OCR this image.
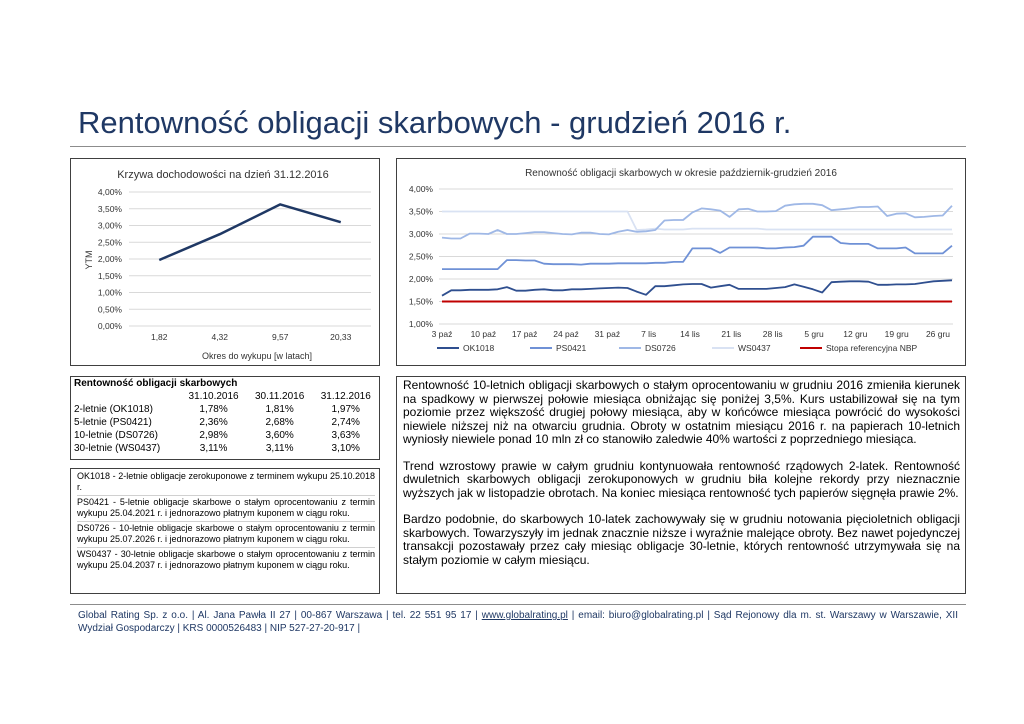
Rentowność obligacji skarbowych - grudzień 2016 r.
Krzywa dochodowości na dzień 31.12.2016
4,00%
3,50%
3,00%
2,50%
2,00%
1,50%
1,00%
0,50%
0,00%
1,82	4,32	9,57	20,33
YTM
Okres do wykupu [w latach]
Renowność obligacji skarbowych w okresie październik-grudzień 2016
4,00%
3,50%
3,00%
2,50%
2,00%
1,50%
1,00%
3 paź 10 paź 17 paź 24 paź 31 paź 7 lis	14 lis	21 lis	28 lis	5 gru 12 gru 19 gru 26 gru
OK1018	PS0421	DS0726	WS0437	Stopa referencyjna NBP
Rentowność obligacji skarbowych			
	31.10.2016	30.11.2016	31.12.2016
2-letnie (OK1018)	1,78%	1,81%	1,97%
5-letnie (PS0421)	2,36%	2,68%	2,74%
10-letnie (DS0726)	2,98%	3,60%	3,63%
30-letnie (WS0437)	3,11%	3,11%	3,10%
OK1018 - 2-letnie obligacje zerokuponowe z terminem wykupu 25.10.2018 r.
PS0421 - 5-letnie obligacje skarbowe o stałym oprocentowaniu z termin wykupu 25.04.2021 r. i jednorazowo płatnym kuponem w ciągu roku.
DS0726 - 10-letnie obligacje skarbowe o stałym oprocentowaniu z termin wykupu 25.07.2026 r. i jednorazowo płatnym kuponem w ciągu roku.
WS0437 - 30-letnie obligacje skarbowe o stałym oprocentowaniu z termin wykupu 25.04.2037 r. i jednorazowo płatnym kuponem w ciągu roku.

Rentowność 10-letnich obligacji skarbowych o stałym oprocentowaniu w grudniu 2016 zmieniła kierunek na spadkowy w pierwszej połowie miesiąca obniżając się poniżej 3,5%. Kurs ustabilizował się na tym poziomie przez większość drugiej połowy miesiąca, aby w końcówce miesiąca powrócić do wysokości niewiele niższej niż na otwarciu grudnia. Obroty w ostatnim miesiącu 2016 r. na papierach 10-letnich wyniosły niewiele ponad 10 mln zł co stanowiło zaledwie 40% wartości z poprzedniego miesiąca.

Trend wzrostowy prawie w całym grudniu kontynuowała rentowność rządowych 2-latek. Rentowność dwuletnich skarbowych obligacji zerokuponowych w grudniu biła kolejne rekordy przy nieznacznie wyższych jak w listopadzie obrotach. Na koniec miesiąca rentowność tych papierów sięgnęła prawie 2%.

Bardzo podobnie, do skarbowych 10-latek zachowywały się w grudniu notowania pięcioletnich obligacji skarbowych. Towarzyszyły im jednak znacznie niższe i wyraźnie malejące obroty. Bez nawet pojedynczej transakcji pozostawały przez cały miesiąc obligacje 30-letnie, których rentowność utrzymywała się na stałym poziomie w całym miesiącu.

Global Rating Sp. z o.o. | Al. Jana Pawła II 27 | 00-867 Warszawa | tel. 22 551 95 17 | www.globalrating.pl | email: biuro@globalrating.pl | Sąd Rejonowy dla m. st. Warszawy w Warszawie, XII Wydział Gospodarczy | KRS 0000526483 | NIP 527-27-20-917 |
